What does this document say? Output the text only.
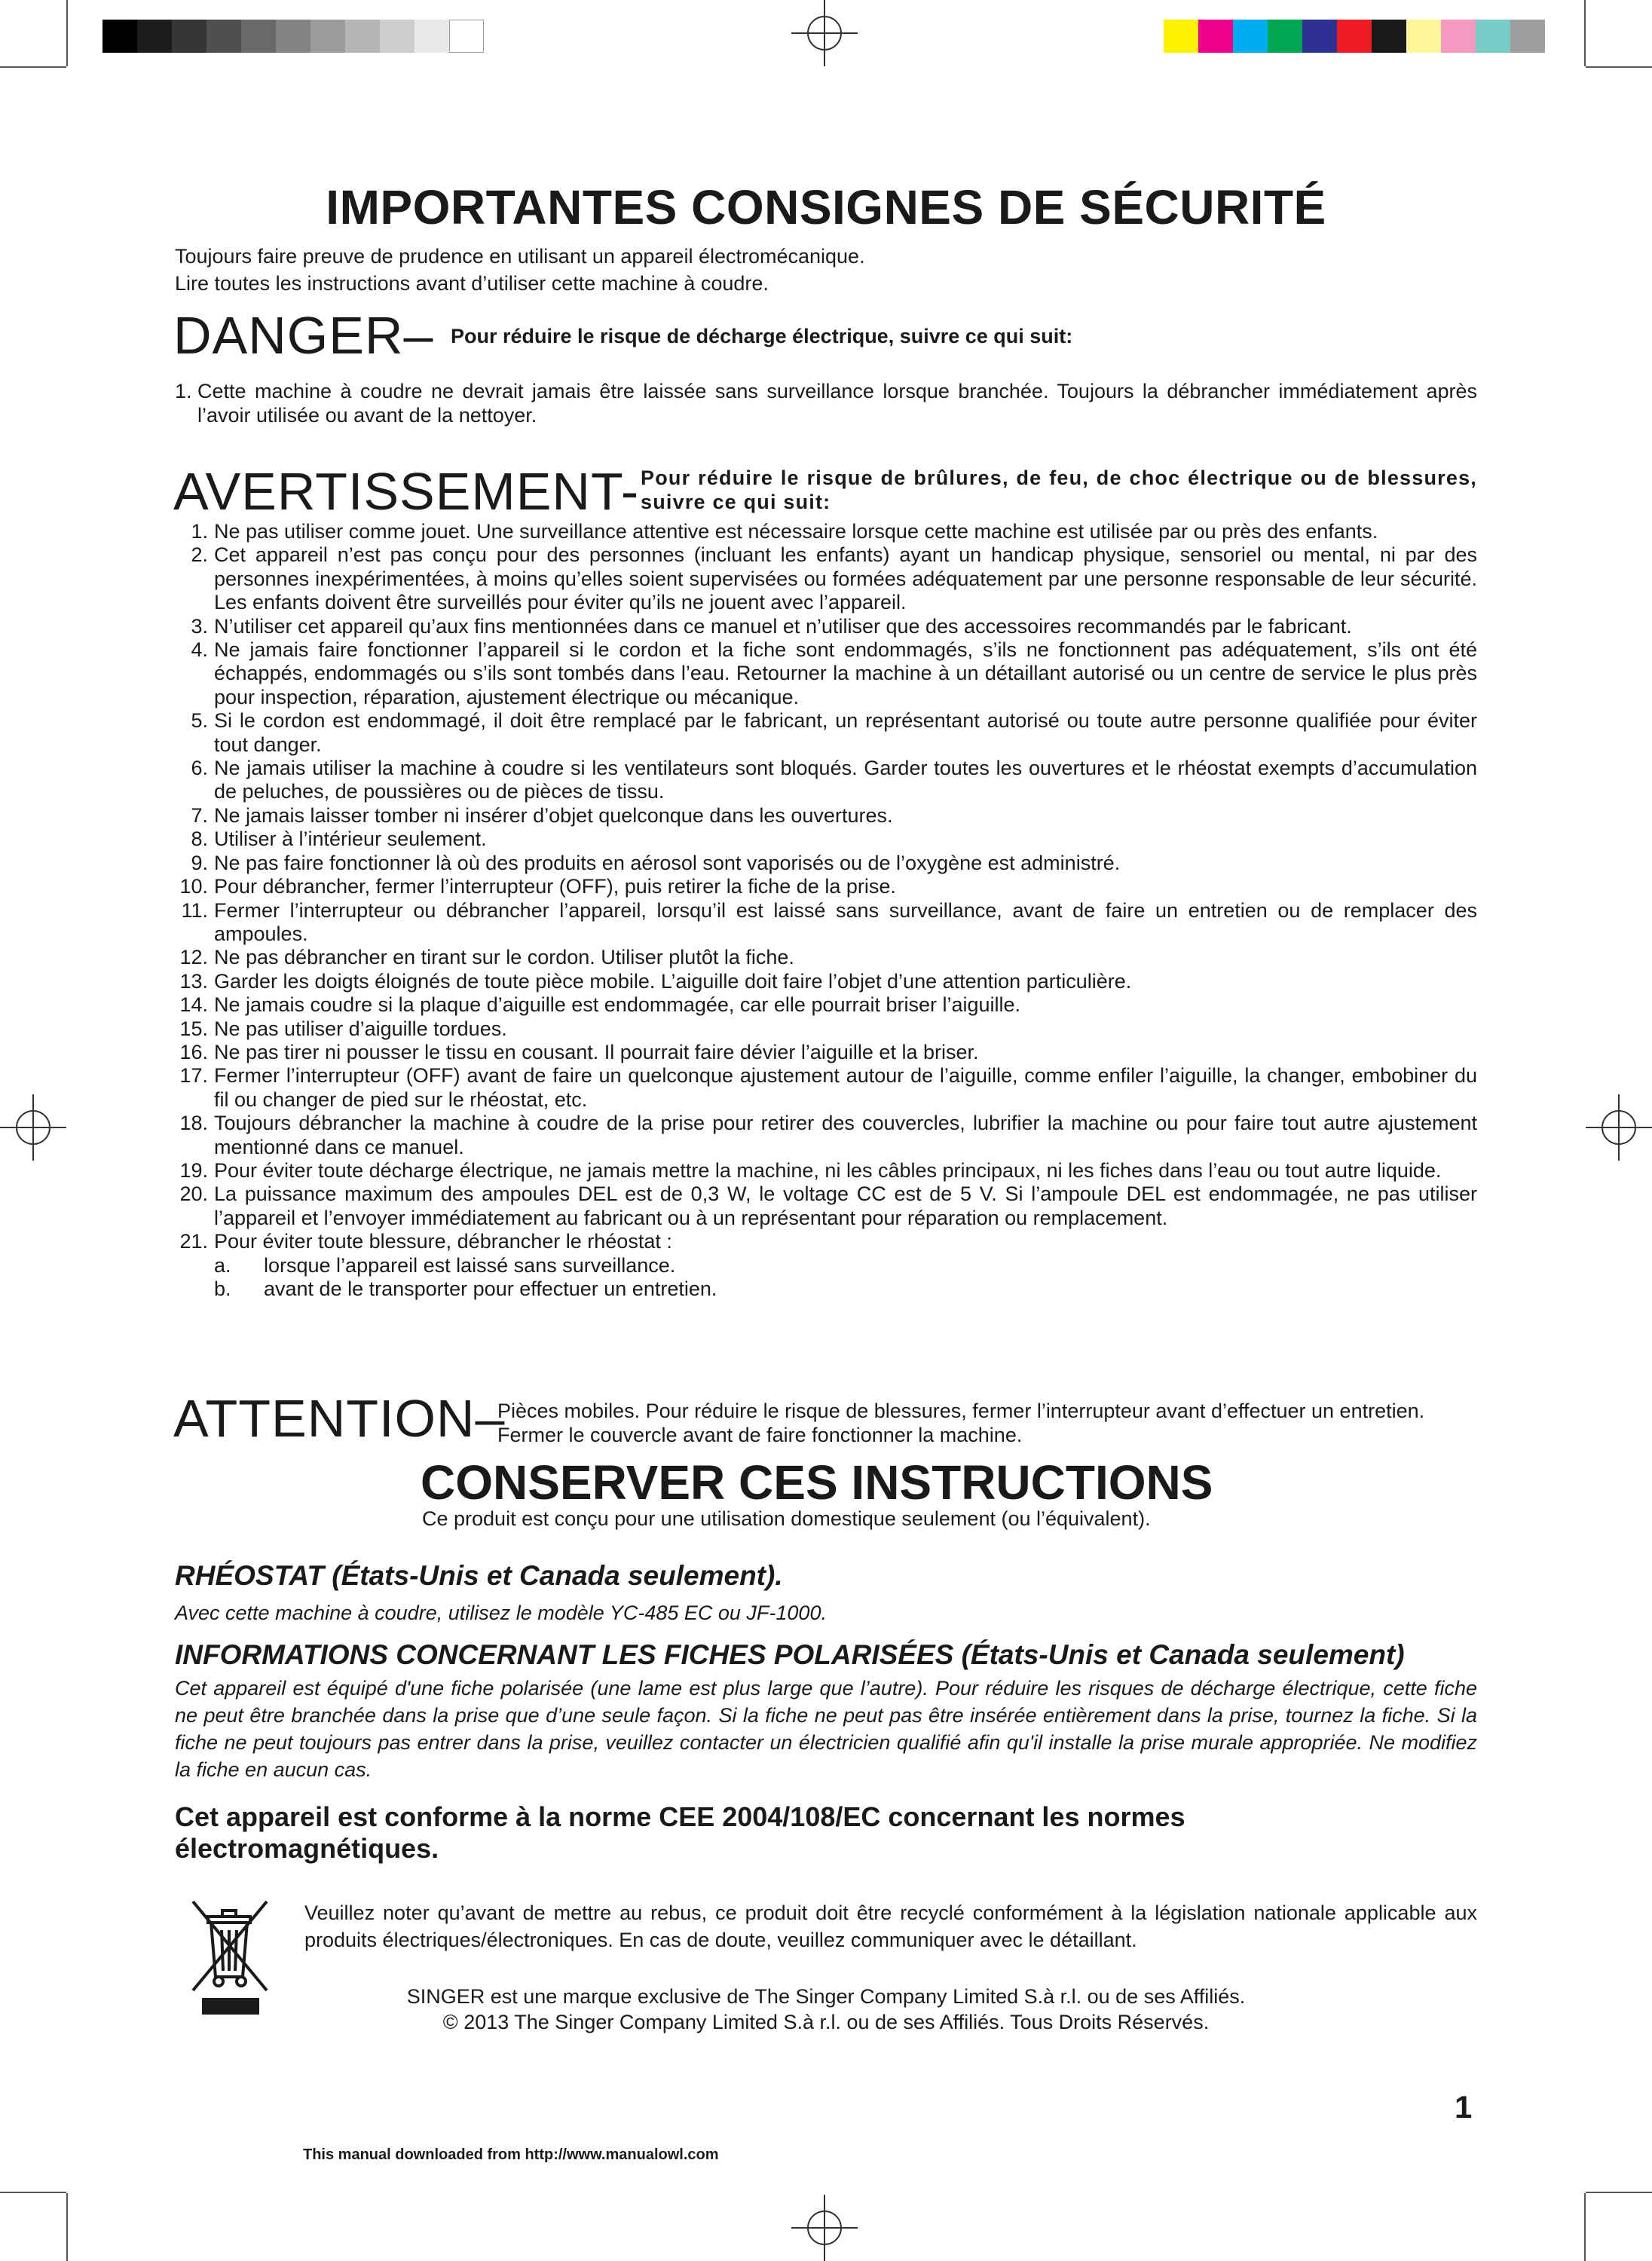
IMPORTANTES CONSIGNES DE SÉCURITÉ
Toujours faire preuve de prudence en utilisant un appareil électromécanique.
Lire toutes les instructions avant d’utiliser cette machine à coudre.
DANGER– Pour réduire le risque de décharge électrique, suivre ce qui suit:
1. Cette machine à coudre ne devrait jamais être laissée sans surveillance lorsque branchée. Toujours la débrancher immédiatement après l’avoir utilisée ou avant de la nettoyer.
AVERTISSEMENT- Pour réduire le risque de brûlures, de feu, de choc électrique ou de blessures, suivre ce qui suit:
1. Ne pas utiliser comme jouet. Une surveillance attentive est nécessaire lorsque cette machine est utilisée par ou près des enfants.
2. Cet appareil n’est pas conçu pour des personnes (incluant les enfants) ayant un handicap physique, sensoriel ou mental, ni par des personnes inexpérimentées, à moins qu’elles soient supervisées ou formées adéquatement par une personne responsable de leur sécurité. Les enfants doivent être surveillés pour éviter qu’ils ne jouent avec l’appareil.
3. N’utiliser cet appareil qu’aux fins mentionnées dans ce manuel et n’utiliser que des accessoires recommandés par le fabricant.
4. Ne jamais faire fonctionner l’appareil si le cordon et la fiche sont endommagés, s’ils ne fonctionnent pas adéquatement, s’ils ont été échappés, endommagés ou s’ils sont tombés dans l’eau. Retourner la machine à un détaillant autorisé ou un centre de service le plus près pour inspection, réparation, ajustement électrique ou mécanique.
5. Si le cordon est endommagé, il doit être remplacé par le fabricant, un représentant autorisé ou toute autre personne qualifiée pour éviter tout danger.
6. Ne jamais utiliser la machine à coudre si les ventilateurs sont bloqués. Garder toutes les ouvertures et le rhéostat exempts d’accumulation de peluches, de poussières ou de pièces de tissu.
7. Ne jamais laisser tomber ni insérer d’objet quelconque dans les ouvertures.
8. Utiliser à l’intérieur seulement.
9. Ne pas faire fonctionner là où des produits en aérosol sont vaporisés ou de l’oxygène est administré.
10. Pour débrancher, fermer l’interrupteur (OFF), puis retirer la fiche de la prise.
11. Fermer l’interrupteur ou débrancher l’appareil, lorsqu’il est laissé sans surveillance, avant de faire un entretien ou de remplacer des ampoules.
12. Ne pas débrancher en tirant sur le cordon. Utiliser plutôt la fiche.
13. Garder les doigts éloignés de toute pièce mobile. L’aiguille doit faire l’objet d’une attention particulière.
14. Ne jamais coudre si la plaque d’aiguille est endommagée, car elle pourrait briser l’aiguille.
15. Ne pas utiliser d’aiguille tordues.
16. Ne pas tirer ni pousser le tissu en cousant. Il pourrait faire dévier l’aiguille et la briser.
17. Fermer l’interrupteur (OFF) avant de faire un quelconque ajustement autour de l’aiguille, comme enfiler l’aiguille, la changer, embobiner du fil ou changer de pied sur le rhéostat, etc.
18. Toujours débrancher la machine à coudre de la prise pour retirer des couvercles, lubrifier la machine ou pour faire tout autre ajustement mentionné dans ce manuel.
19. Pour éviter toute décharge électrique, ne jamais mettre la machine, ni les câbles principaux, ni les fiches dans l’eau ou tout autre liquide.
20. La puissance maximum des ampoules DEL est de 0,3 W, le voltage CC est de 5 V. Si l’ampoule DEL est endommagée, ne pas utiliser l’appareil et l’envoyer immédiatement au fabricant ou à un représentant pour réparation ou remplacement.
21. Pour éviter toute blessure, débrancher le rhéostat :
a. lorsque l’appareil est laissé sans surveillance.
b. avant de le transporter pour effectuer un entretien.
ATTENTION–
Pièces mobiles. Pour réduire le risque de blessures, fermer l’interrupteur avant d’effectuer un entretien. Fermer le couvercle avant de faire fonctionner la machine.
CONSERVER CES INSTRUCTIONS
Ce produit est conçu pour une utilisation domestique seulement (ou l’équivalent).
RHÉOSTAT (États-Unis et Canada seulement).
Avec cette machine à coudre, utilisez le modèle YC-485 EC ou JF-1000.
INFORMATIONS CONCERNANT LES FICHES POLARISÉES (États-Unis et Canada seulement)
Cet appareil est équipé d'une fiche polarisée (une lame est plus large que l’autre). Pour réduire les risques de décharge électrique, cette fiche ne peut être branchée dans la prise que d’une seule façon. Si la fiche ne peut pas être insérée entièrement dans la prise, tournez la fiche. Si la fiche ne peut toujours pas entrer dans la prise, veuillez contacter un électricien qualifié afin qu'il installe la prise murale appropriée. Ne modifiez la fiche en aucun cas.
Cet appareil est conforme à la norme CEE 2004/108/EC concernant les normes électromagnétiques.
Veuillez noter qu’avant de mettre au rebus, ce produit doit être recyclé conformément à la législation nationale applicable aux produits électriques/électroniques. En cas de doute, veuillez communiquer avec le détaillant.
SINGER est une marque exclusive de The Singer Company Limited S.à r.l. ou de ses Affiliés.
© 2013 The Singer Company Limited S.à r.l. ou de ses Affiliés. Tous Droits Réservés.
1
This manual downloaded from http://www.manualowl.com
